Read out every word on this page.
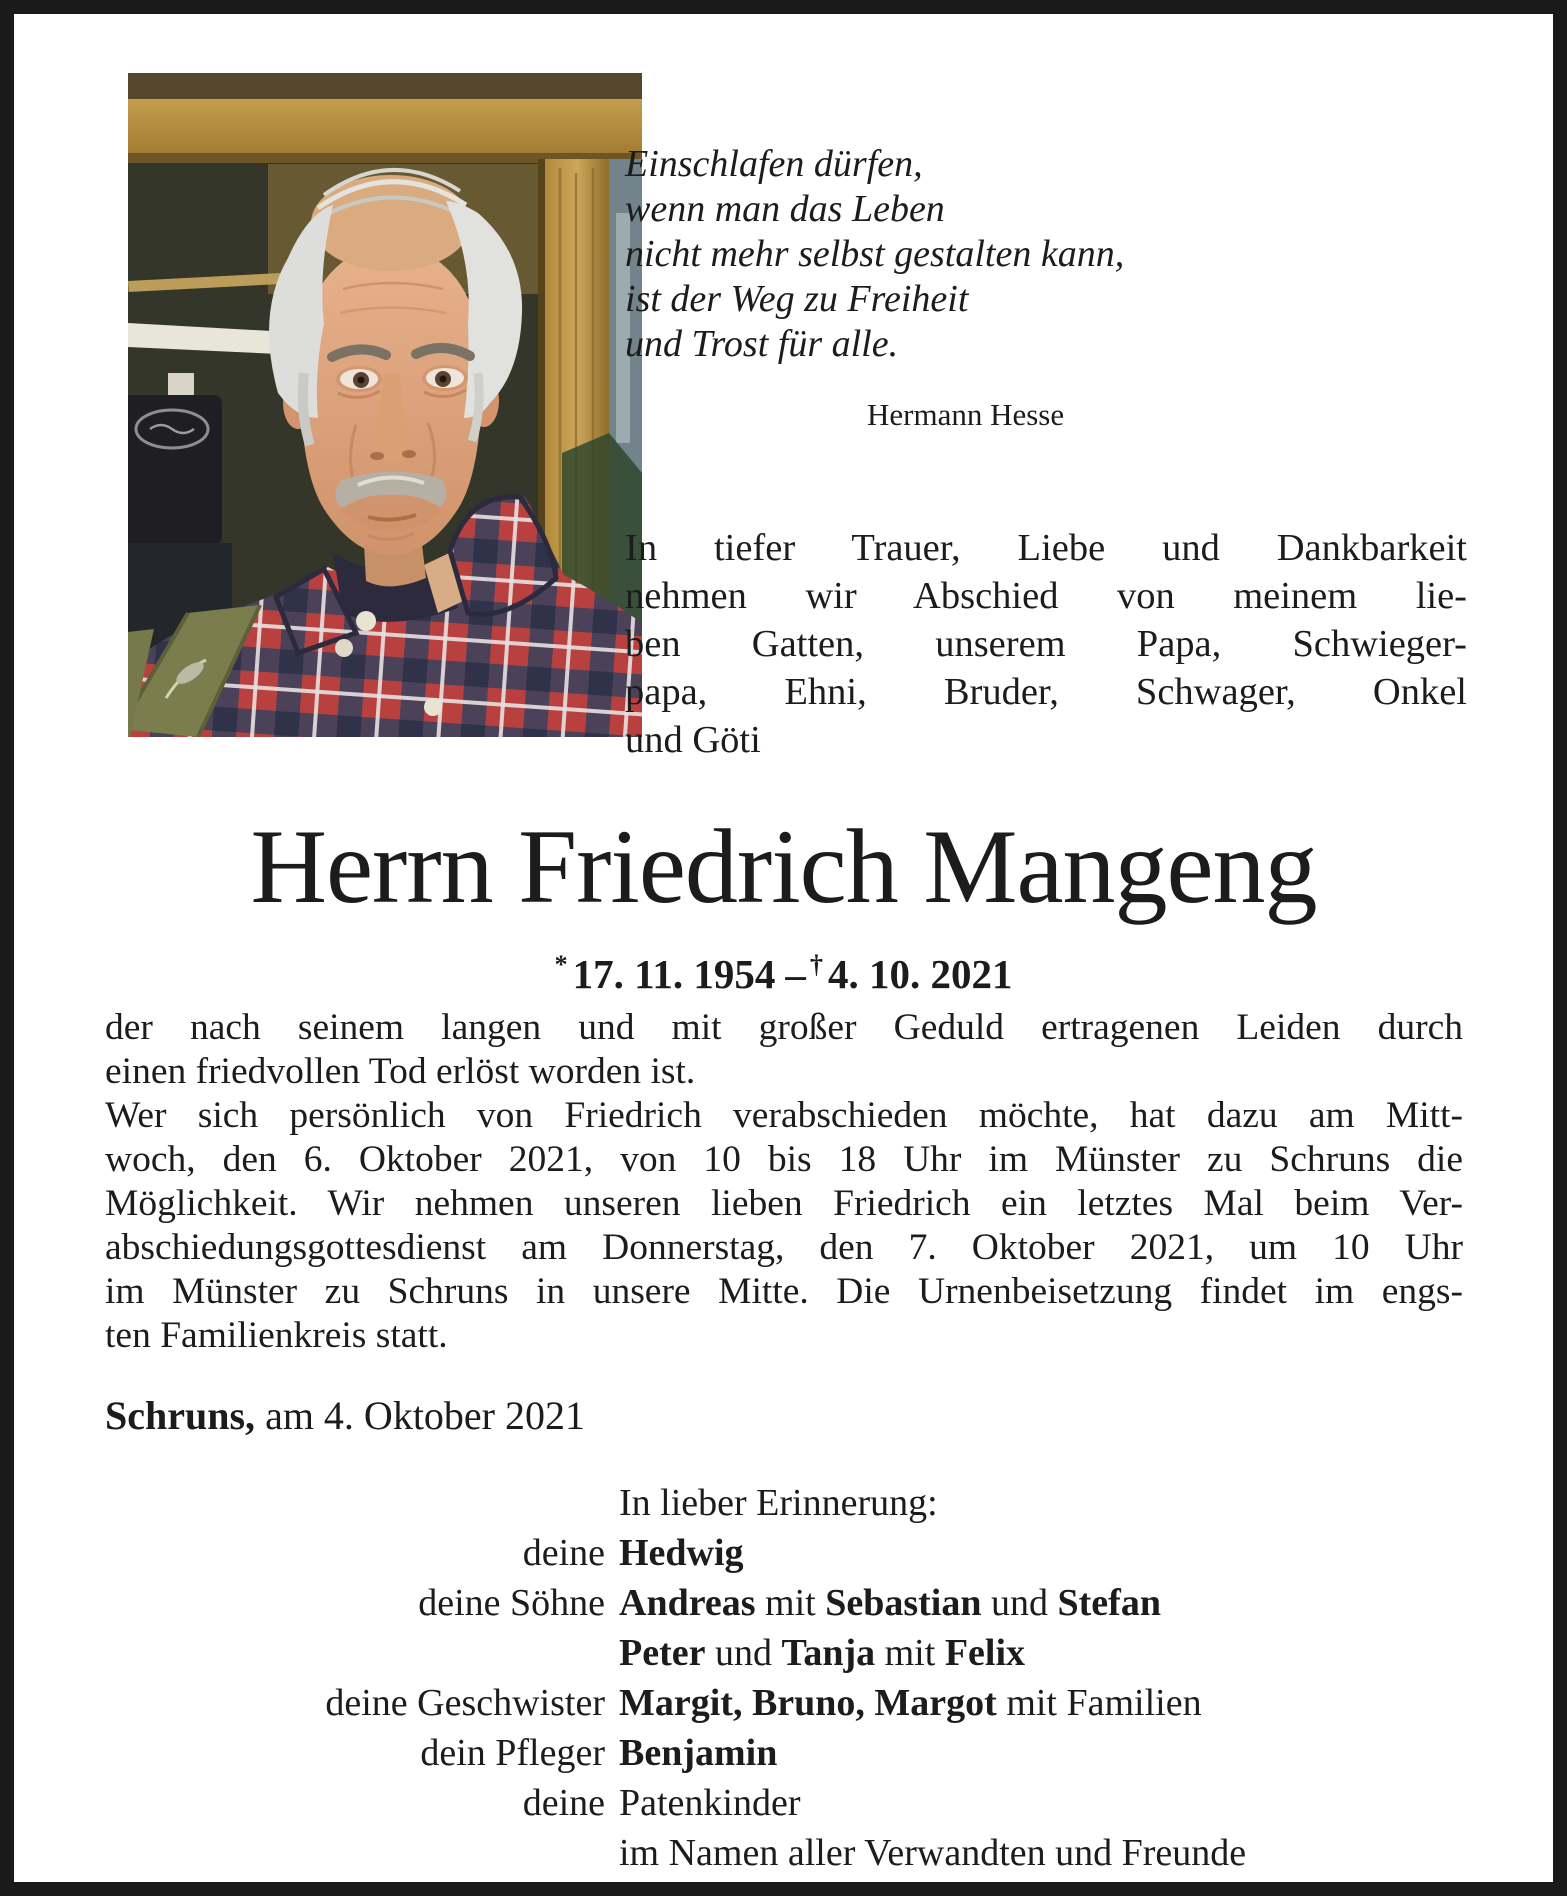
Einschlafen dürfen,
wenn man das Leben
nicht mehr selbst gestalten kann,
ist der Weg zu Freiheit
und Trost für alle.
Hermann Hesse
In tiefer Trauer, Liebe und Dankbarkeit
nehmen wir Abschied von meinem lie-
ben Gatten, unserem Papa, Schwieger-
papa, Ehni, Bruder, Schwager, Onkel
und Göti
Herrn Friedrich Mangeng
* 17. 11. 1954 – † 4. 10. 2021
der nach seinem langen und mit großer Geduld ertragenen Leiden durch
einen friedvollen Tod erlöst worden ist.
Wer sich persönlich von Friedrich verabschieden möchte, hat dazu am Mitt-
woch, den 6. Oktober 2021, von 10 bis 18 Uhr im Münster zu Schruns die
Möglichkeit. Wir nehmen unseren lieben Friedrich ein letztes Mal beim Ver-
abschiedungsgottesdienst am Donnerstag, den 7. Oktober 2021, um 10 Uhr
im Münster zu Schruns in unsere Mitte. Die Urnenbeisetzung findet im engs-
ten Familienkreis statt.
Schruns, am 4. Oktober 2021
In lieber Erinnerung:
deine Hedwig
deine Söhne Andreas mit Sebastian und Stefan
Peter und Tanja mit Felix
deine Geschwister Margit, Bruno, Margot mit Familien
dein Pfleger Benjamin
deine Patenkinder
im Namen aller Verwandten und Freunde
